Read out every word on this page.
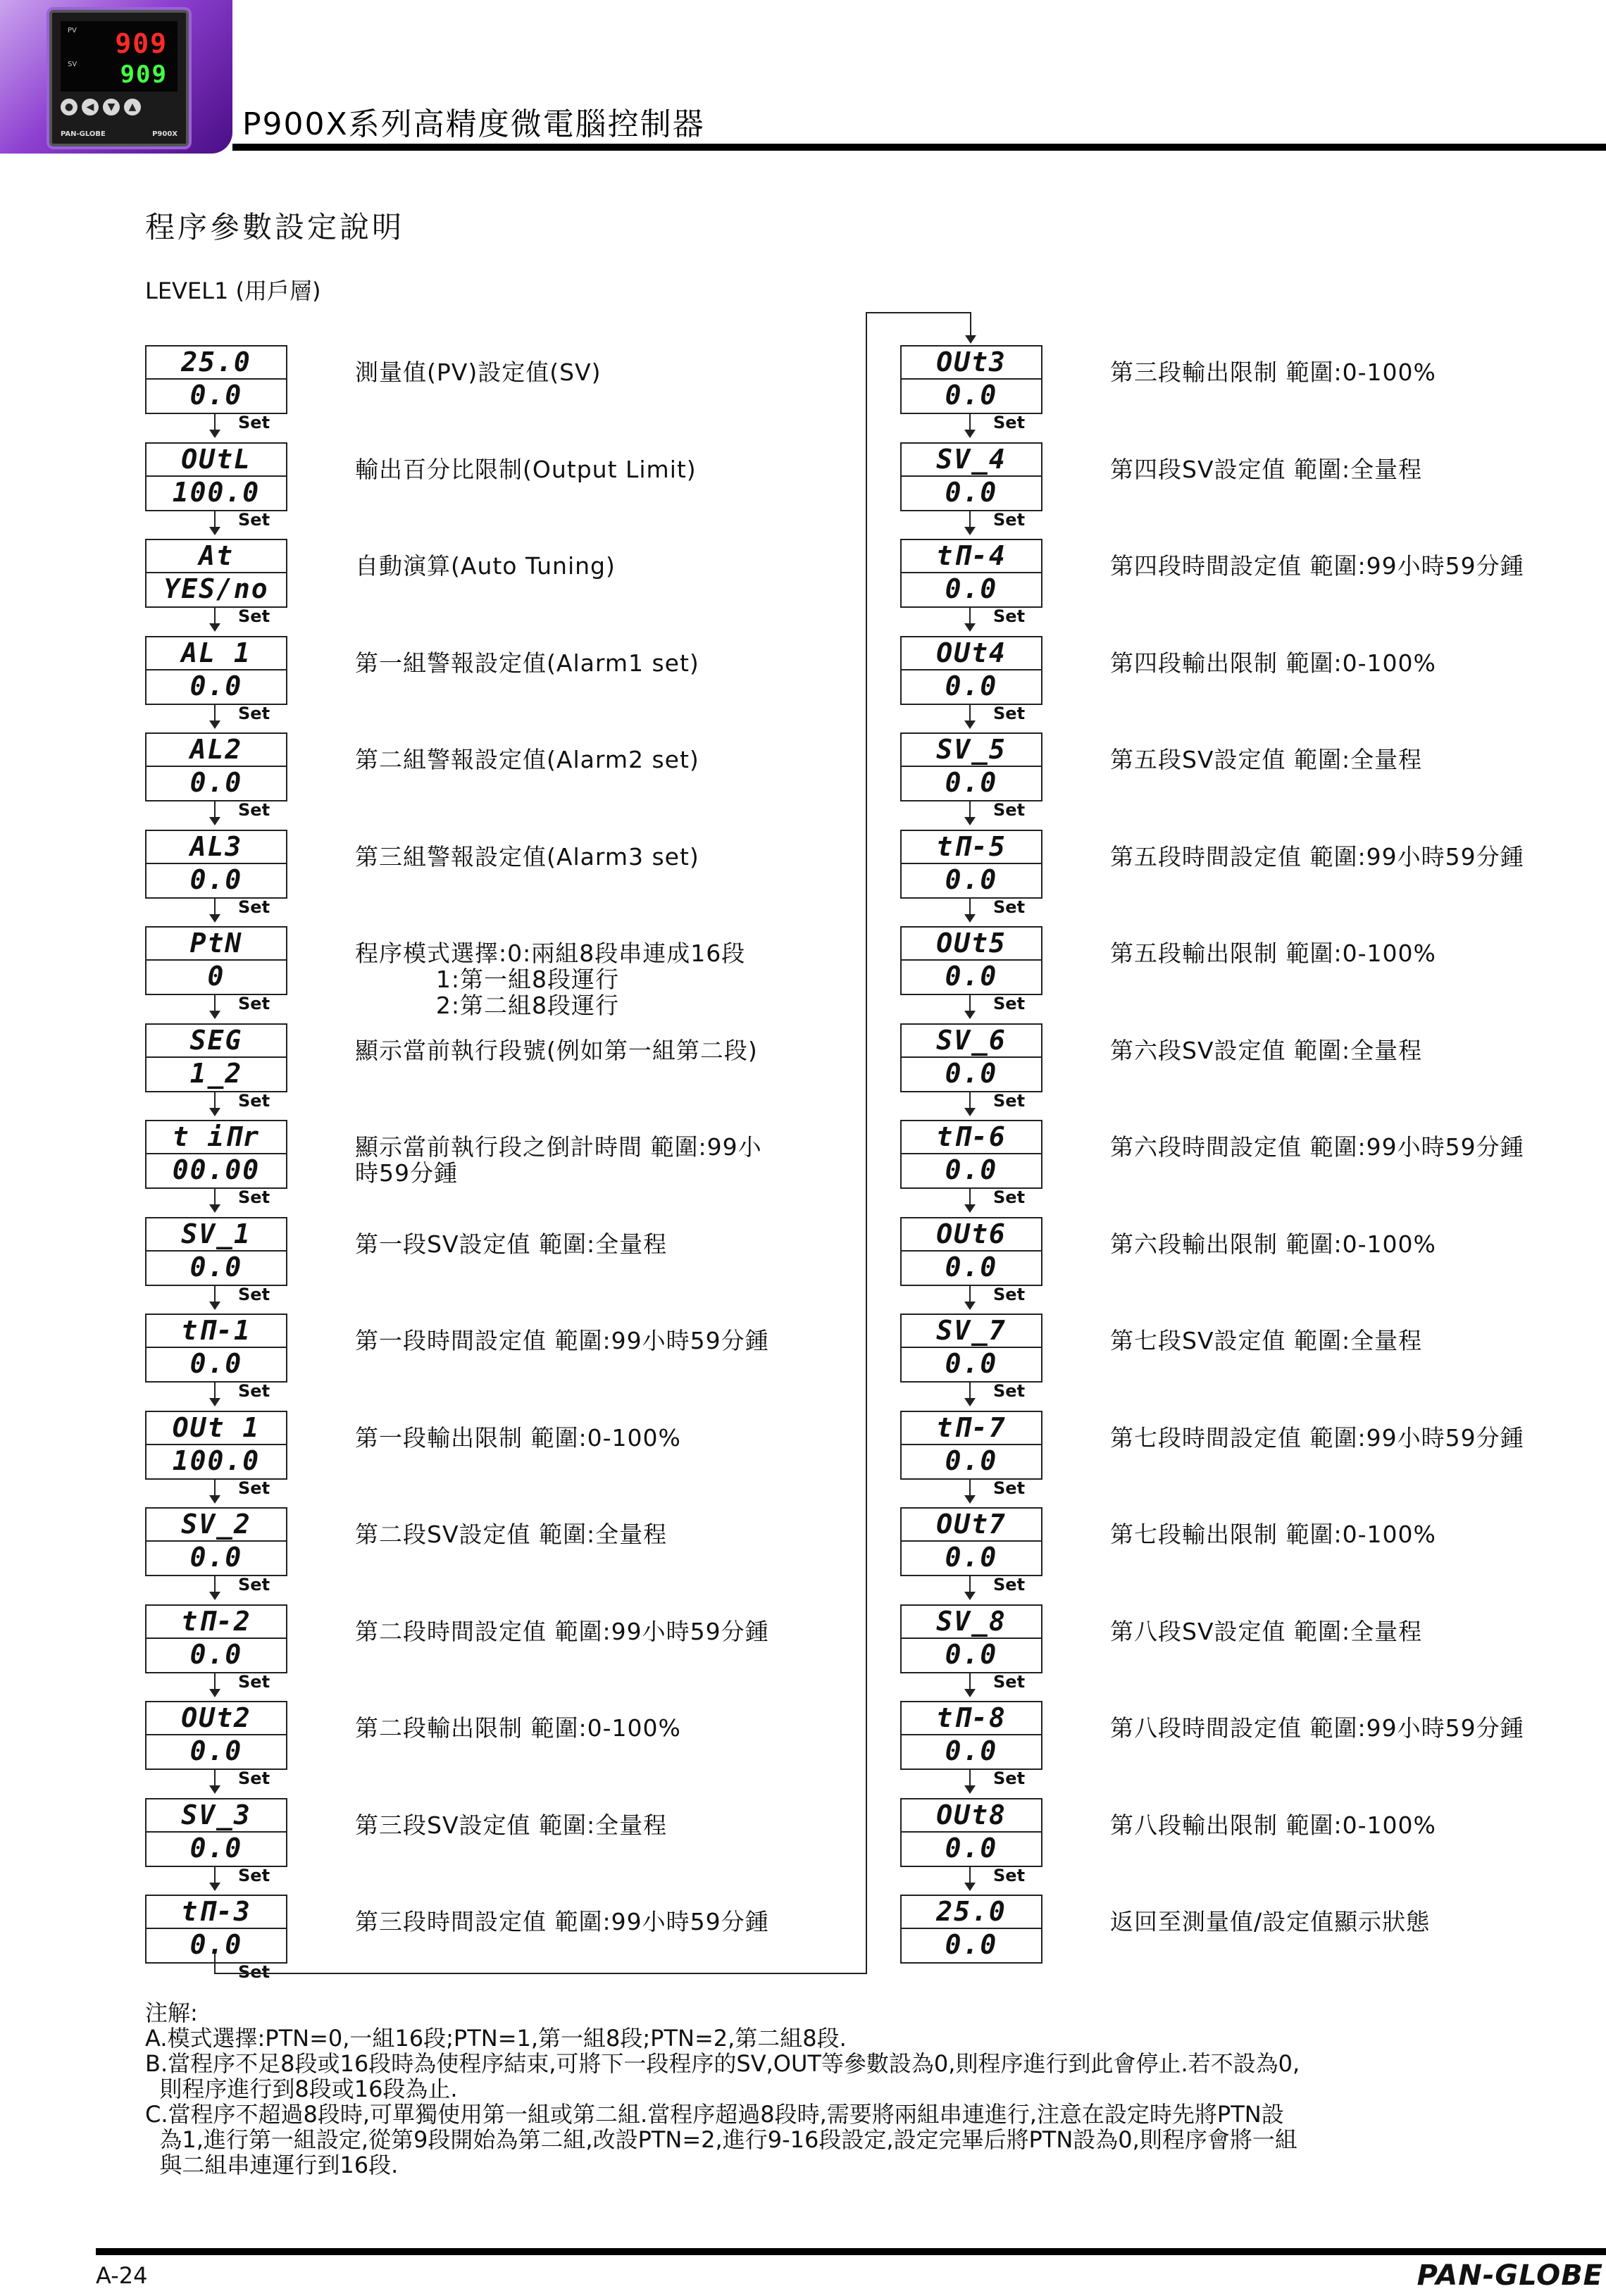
PV
SV
909
909
●	◀	▼	▲
PAN-GLOBE	P900X P900X系列高精度微電腦控制器
程序參數設定說明
LEVEL1 (用戶層)
25.0
0.0
測量值(PV)設定值(SV)
Set
OUtL
100.0
輸出百分比限制(Output Limit)
Set
At
YES/no
自動演算(Auto Tuning)
Set
AL 1
0.0
第一組警報設定值(Alarm1 set)
Set
AL2
0.0
第二組警報設定值(Alarm2 set)
Set
AL3
0.0
第三組警報設定值(Alarm3 set)
Set
PtN
0
程序模式選擇:0:兩組8段串連成16段
1:第一組8段運行
2:第二組8段運行
Set
SEG
1_2
顯示當前執行段號(例如第一組第二段)
Set
t iΠr
00.00
顯示當前執行段之倒計時間 範圍:99小
時59分鍾
Set
SV_1
0.0
第一段SV設定值 範圍:全量程
Set
tΠ-1
0.0
第一段時間設定值 範圍:99小時59分鍾
Set
OUt 1
100.0
第一段輸出限制 範圍:0-100%
Set
SV_2
0.0
第二段SV設定值 範圍:全量程
Set
tΠ-2
0.0
第二段時間設定值 範圍:99小時59分鍾
Set
OUt2
0.0
第二段輸出限制 範圍:0-100%
Set
SV_3
0.0
第三段SV設定值 範圍:全量程
Set
tΠ-3
0.0
第三段時間設定值 範圍:99小時59分鍾
Set
OUt3
0.0
第三段輸出限制 範圍:0-100%
Set
SV_4
0.0
第四段SV設定值 範圍:全量程
Set
tΠ-4
0.0
第四段時間設定值 範圍:99小時59分鍾
Set
OUt4
0.0
第四段輸出限制 範圍:0-100%
Set
SV_5
0.0
第五段SV設定值 範圍:全量程
Set
tΠ-5
0.0
第五段時間設定值 範圍:99小時59分鍾
Set
OUt5
0.0
第五段輸出限制 範圍:0-100%
Set
SV_6
0.0
第六段SV設定值 範圍:全量程
Set
tΠ-6
0.0
第六段時間設定值 範圍:99小時59分鍾
Set
OUt6
0.0
第六段輸出限制 範圍:0-100%
Set
SV_7
0.0
第七段SV設定值 範圍:全量程
Set
tΠ-7
0.0
第七段時間設定值 範圍:99小時59分鍾
Set
OUt7
0.0
第七段輸出限制 範圍:0-100%
Set
SV_8
0.0
第八段SV設定值 範圍:全量程
Set
tΠ-8
0.0
第八段時間設定值 範圍:99小時59分鍾
Set
OUt8
0.0
第八段輸出限制 範圍:0-100%
Set
25.0
0.0
返回至測量值/設定值顯示狀態
注解:
A.模式選擇:PTN=0,一組16段;PTN=1,第一組8段;PTN=2,第二組8段.
B.當程序不足8段或16段時為使程序結束,可將下一段程序的SV,OUT等參數設為0,則程序進行到此會停止.若不設為0,
則程序進行到8段或16段為止.
C.當程序不超過8段時,可單獨使用第一組或第二組.當程序超過8段時,需要將兩組串連進行,注意在設定時先將PTN設
為1,進行第一組設定,從第9段開始為第二組,改設PTN=2,進行9-16段設定,設定完畢后將PTN設為0,則程序會將一組
與二組串連運行到16段.
A-24	PAN-GLOBE
